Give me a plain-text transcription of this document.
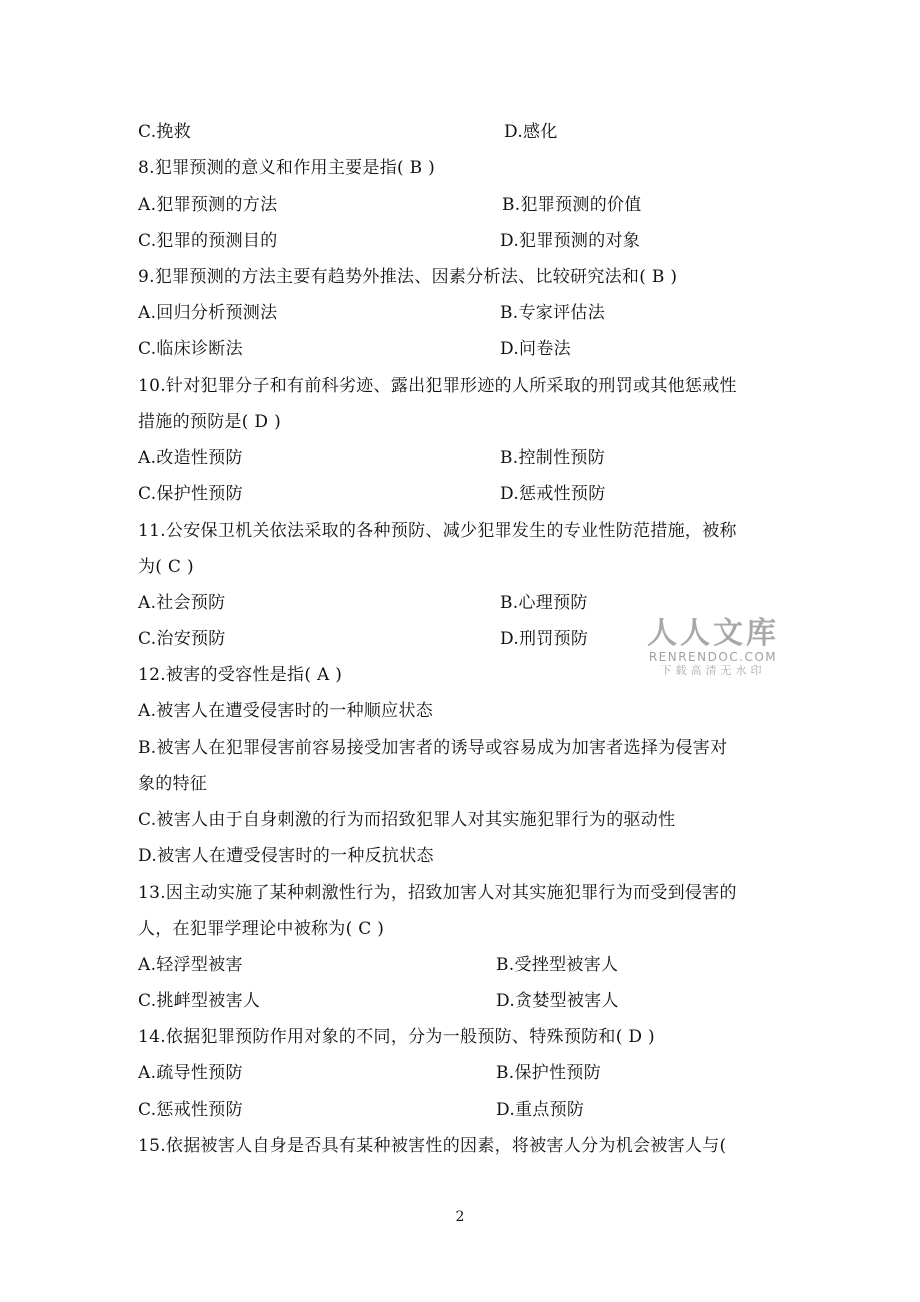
C.挽救	D.感化
8.犯罪预测的意义和作用主要是指( B )
A.犯罪预测的方法	B.犯罪预测的价值
C.犯罪的预测目的	D.犯罪预测的对象
9.犯罪预测的方法主要有趋势外推法、因素分析法、比较研究法和( B )
A.回归分析预测法	B.专家评估法
C.临床诊断法	D.问卷法
10.针对犯罪分子和有前科劣迹、露出犯罪形迹的人所采取的刑罚或其他惩戒性
措施的预防是( D )
A.改造性预防	B.控制性预防
C.保护性预防	D.惩戒性预防
11.公安保卫机关依法采取的各种预防、减少犯罪发生的专业性防范措施，被称
为( C )
A.社会预防	B.心理预防
C.治安预防	D.刑罚预防
12.被害的受容性是指( A )
A.被害人在遭受侵害时的一种顺应状态
B.被害人在犯罪侵害前容易接受加害者的诱导或容易成为加害者选择为侵害对
象的特征
C.被害人由于自身刺激的行为而招致犯罪人对其实施犯罪行为的驱动性
D.被害人在遭受侵害时的一种反抗状态
13.因主动实施了某种刺激性行为，招致加害人对其实施犯罪行为而受到侵害的
人，在犯罪学理论中被称为( C )
A.轻浮型被害	B.受挫型被害人
C.挑衅型被害人	D.贪婪型被害人
14.依据犯罪预防作用对象的不同，分为一般预防、特殊预防和( D )
A.疏导性预防	B.保护性预防
C.惩戒性预防	D.重点预防
15.依据被害人自身是否具有某种被害性的因素，将被害人分为机会被害人与(
人人文库
RENRENDOC.COM
下载高清无水印
2
